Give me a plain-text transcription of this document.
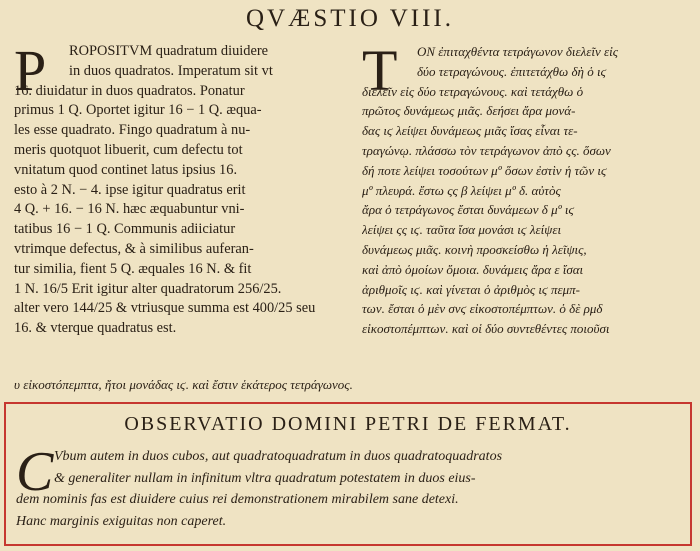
QVÆSTIO VIII.
P	ROPOSITVM quadratum diuidere
in duos quadratos. Imperatum sit vt
16. diuidatur in duos quadratos. Ponatur
primus 1 Q. Oportet igitur 16 − 1 Q. æqua-
les esse quadrato. Fingo quadratum à nu-
meris quotquot libuerit, cum defectu tot
vnitatum quod continet latus ipsius 16.
esto à 2 N. − 4. ipse igitur quadratus erit
4 Q. + 16. − 16 N. hæc æquabuntur vni-
tatibus 16 − 1 Q. Communis adiiciatur
vtrimque defectus, & à similibus auferan-
tur similia, fient 5 Q. æquales 16 N. & fit
1 N. 16/5 Erit igitur alter quadratorum 256/25.
alter vero 144/25 & vtriusque summa est 400/25 seu
16. & vterque quadratus est.
T	ON ἐπιταχθέντα τετράγωνον διελεῖν εἰς
δύο τετραγώνους. ἐπιτετάχθω δὴ ὁ ιϛ
διελεῖν εἰς δύο τετραγώνους. καὶ τετάχθω ὁ
πρῶτος δυνάμεως μιᾶς. δεήσει ἄρα μονά-
δας ιϛ λείψει δυνάμεως μιᾶς ἴσας εἶναι τε-
τραγώνῳ. πλάσσω τὸν τετράγωνον ἀπὸ ςς. ὅσων
δή ποτε λείψει τοσούτων μº ὅσων ἐστὶν ἡ τῶν ιϛ
μº πλευρά. ἔστω ςς β λείψει μº δ. αὐτὸς
ἄρα ὁ τετράγωνος ἔσται δυνάμεων δ μº ιϛ
λείψει ςς ιϛ. ταῦτα ἴσα μονάσι ιϛ λείψει
δυνάμεως μιᾶς. κοινὴ προσκείσθω ἡ λεῖψις,
καὶ ἀπὸ ὁμοίων ὅμοια. δυνάμεις ἄρα ε ἴσαι
ἀριθμοῖς ιϛ. καὶ γίνεται ὁ ἀριθμὸς ιϛ πεμπ-
των. ἔσται ὁ μὲν σνϛ εἰκοστοπέμπτων. ὁ δὲ ρμδ
εἰκοστοπέμπτων. καὶ οἱ δύο συντεθέντες ποιοῦσι
υ εἰκοστόπεμπτα, ἤτοι μονάδας ιϛ. καὶ ἔστιν ἑκάτερος τετράγωνος.
OBSERVATIO DOMINI PETRI DE FERMAT.
C Vbum autem in duos cubos, aut quadratoquadratum in duos quadratoquadratos
& generaliter nullam in infinitum vltra quadratum potestatem in duos eius-
dem nominis fas est diuidere cuius rei demonstrationem mirabilem sane detexi.
Hanc marginis exiguitas non caperet.
